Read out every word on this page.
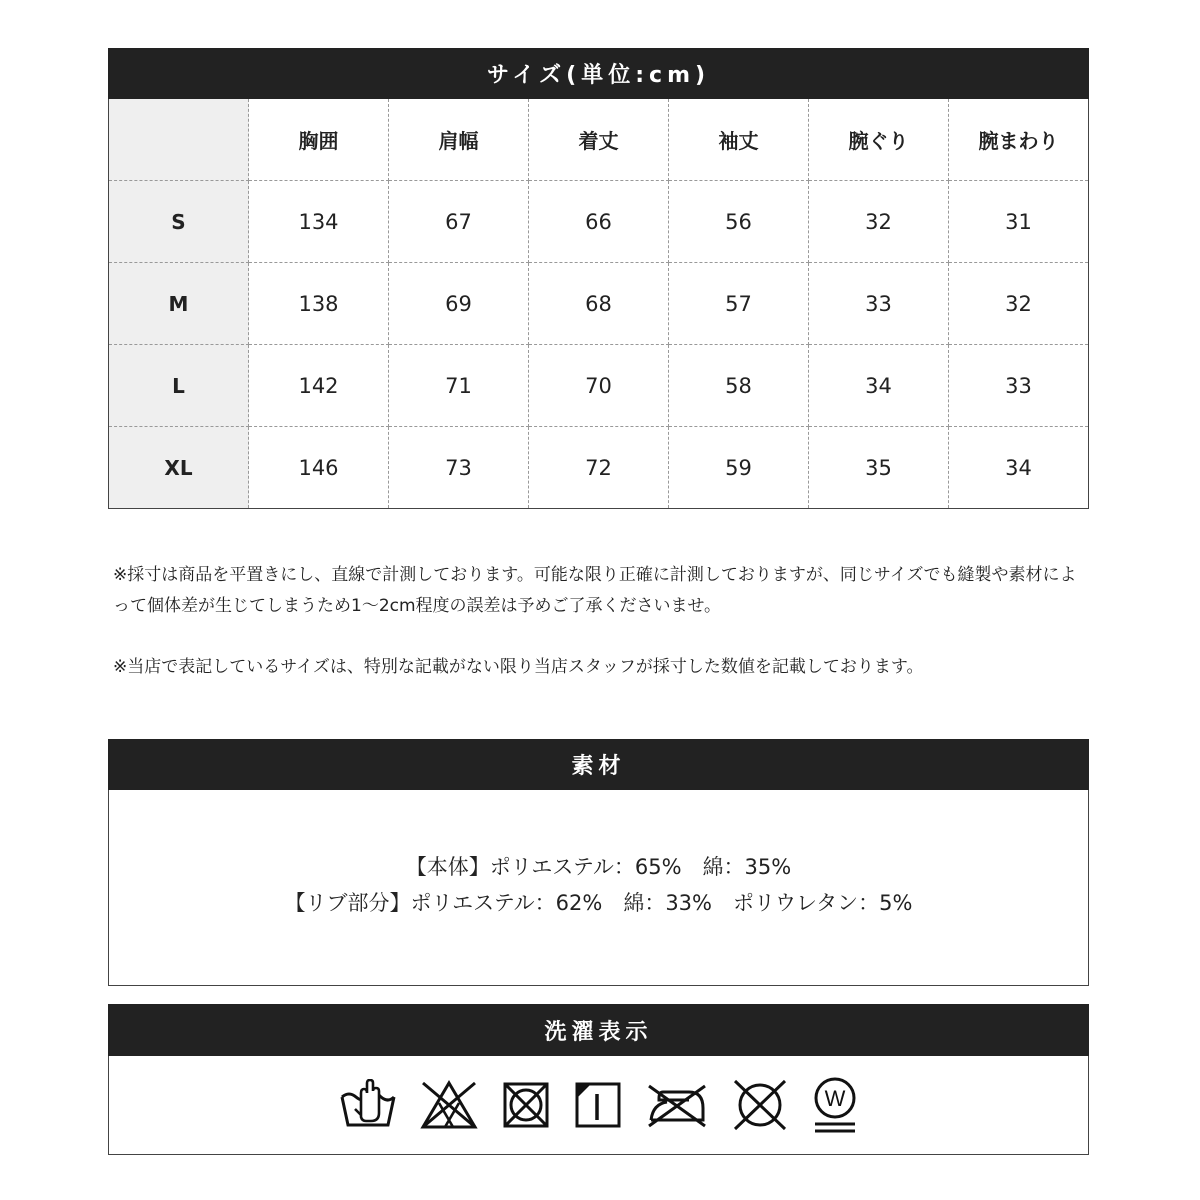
サイズ(単位:cm)
	胸囲	肩幅	着丈	袖丈	腕ぐり	腕まわり
S	134	67	66	56	32	31
M	138	69	68	57	33	32
L	142	71	70	58	34	33
XL	146	73	72	59	35	34
※採寸は商品を平置きにし、直線で計測しております。可能な限り正確に計測しておりますが、同じサイズでも縫製や素材によって個体差が生じてしまうため1～2cm程度の誤差は予めご了承くださいませ。
※当店で表記しているサイズは、特別な記載がない限り当店スタッフが採寸した数値を記載しております。
素材
【本体】ポリエステル：65%　綿：35%
【リブ部分】ポリエステル：62%　綿：33%　ポリウレタン：5%
洗濯表示
W
